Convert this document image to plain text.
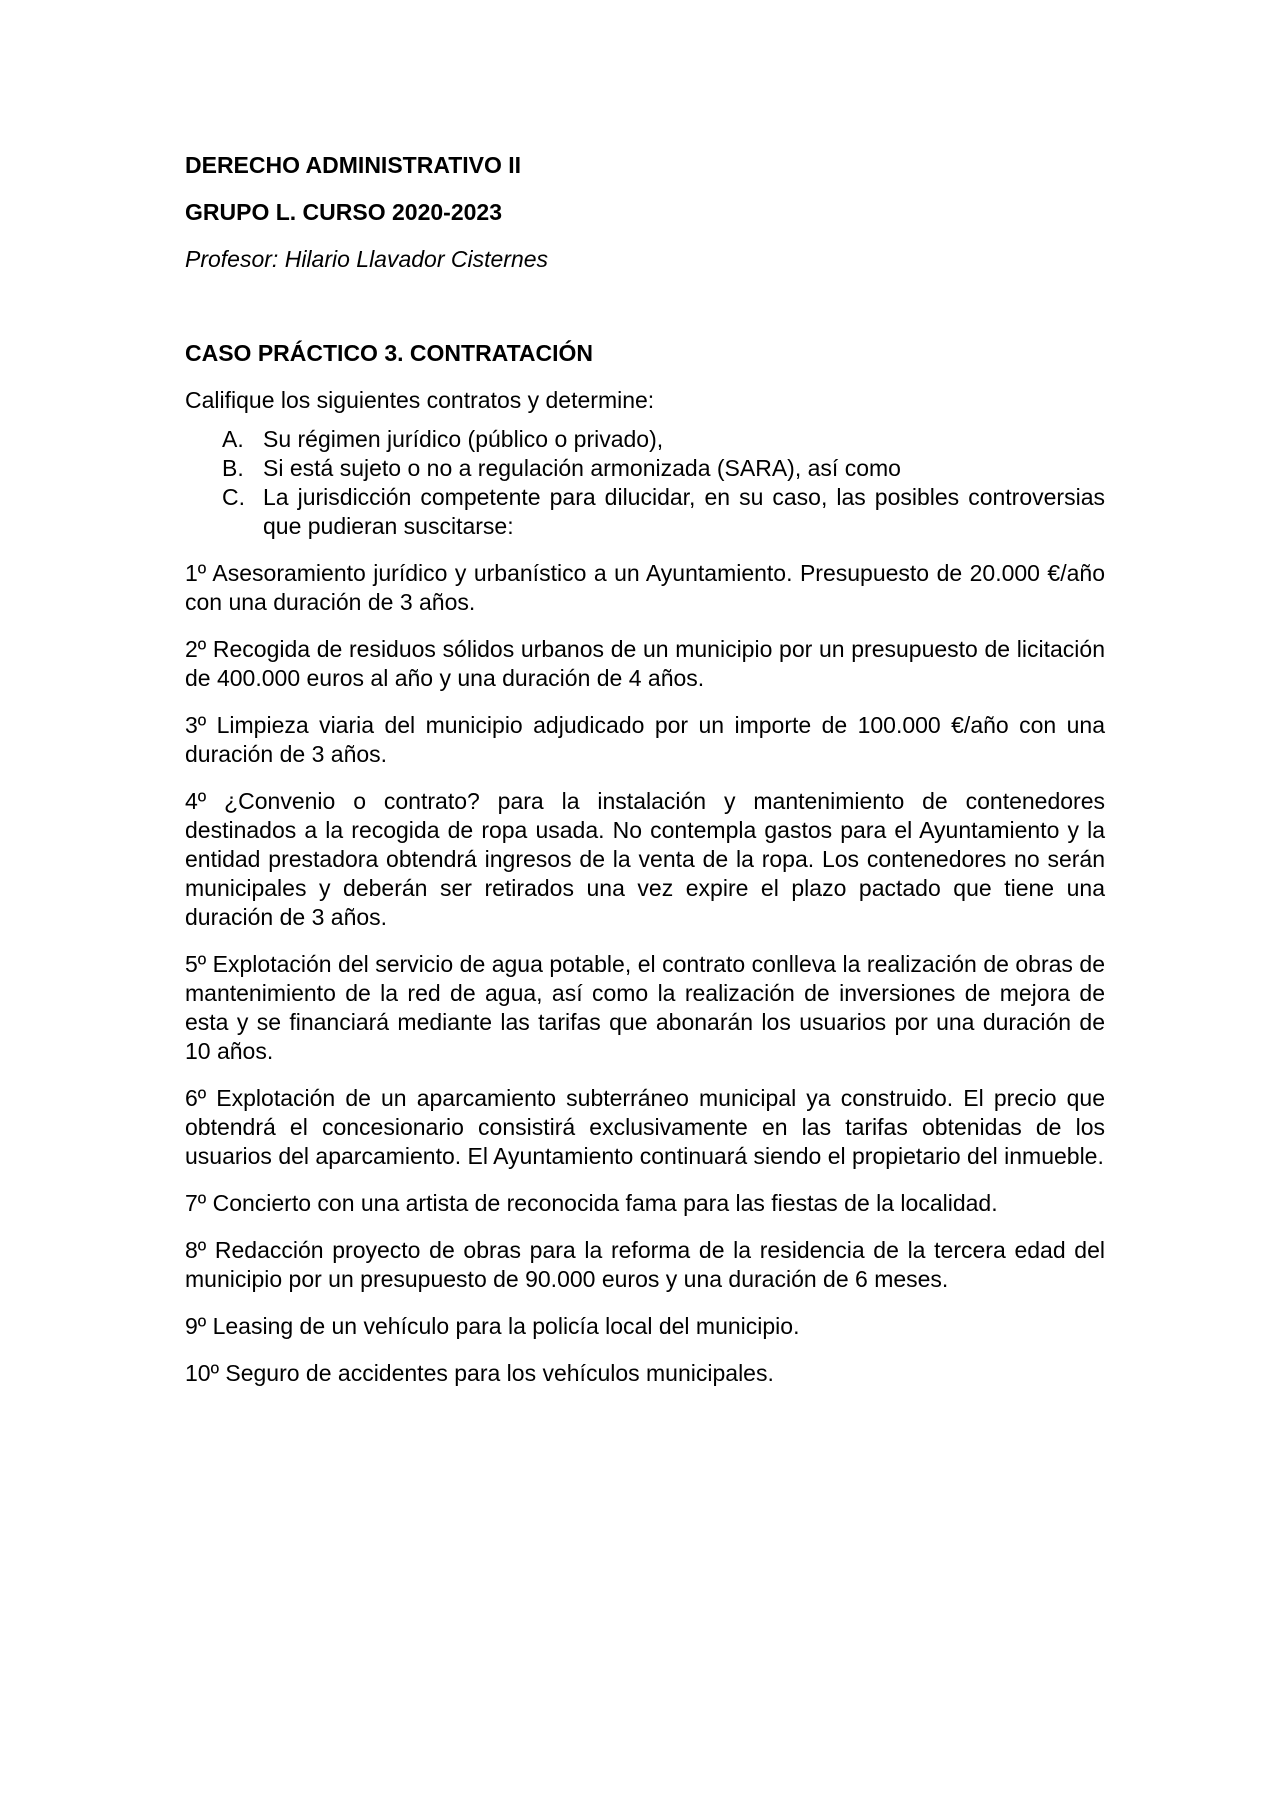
DERECHO ADMINISTRATIVO II

GRUPO L. CURSO 2020-2023

Profesor: Hilario Llavador Cisternes

CASO PRÁCTICO 3. CONTRATACIÓN

Califique los siguientes contratos y determine:

A. Su régimen jurídico (público o privado),
B. Si está sujeto o no a regulación armonizada (SARA), así como
C. La jurisdicción competente para dilucidar, en su caso, las posibles controversias que pudieran suscitarse:

1º Asesoramiento jurídico y urbanístico a un Ayuntamiento. Presupuesto de 20.000 €/año con una duración de 3 años.

2º Recogida de residuos sólidos urbanos de un municipio por un presupuesto de licitación de 400.000 euros al año y una duración de 4 años.

3º Limpieza viaria del municipio adjudicado por un importe de 100.000 €/año con una duración de 3 años.

4º ¿Convenio o contrato? para la instalación y mantenimiento de contenedores destinados a la recogida de ropa usada. No contempla gastos para el Ayuntamiento y la entidad prestadora obtendrá ingresos de la venta de la ropa. Los contenedores no serán municipales y deberán ser retirados una vez expire el plazo pactado que tiene una duración de 3 años.

5º Explotación del servicio de agua potable, el contrato conlleva la realización de obras de mantenimiento de la red de agua, así como la realización de inversiones de mejora de esta y se financiará mediante las tarifas que abonarán los usuarios por una duración de 10 años.

6º Explotación de un aparcamiento subterráneo municipal ya construido. El precio que obtendrá el concesionario consistirá exclusivamente en las tarifas obtenidas de los usuarios del aparcamiento. El Ayuntamiento continuará siendo el propietario del inmueble.

7º Concierto con una artista de reconocida fama para las fiestas de la localidad.

8º Redacción proyecto de obras para la reforma de la residencia de la tercera edad del municipio por un presupuesto de 90.000 euros y una duración de 6 meses.

9º Leasing de un vehículo para la policía local del municipio.

10º Seguro de accidentes para los vehículos municipales.
